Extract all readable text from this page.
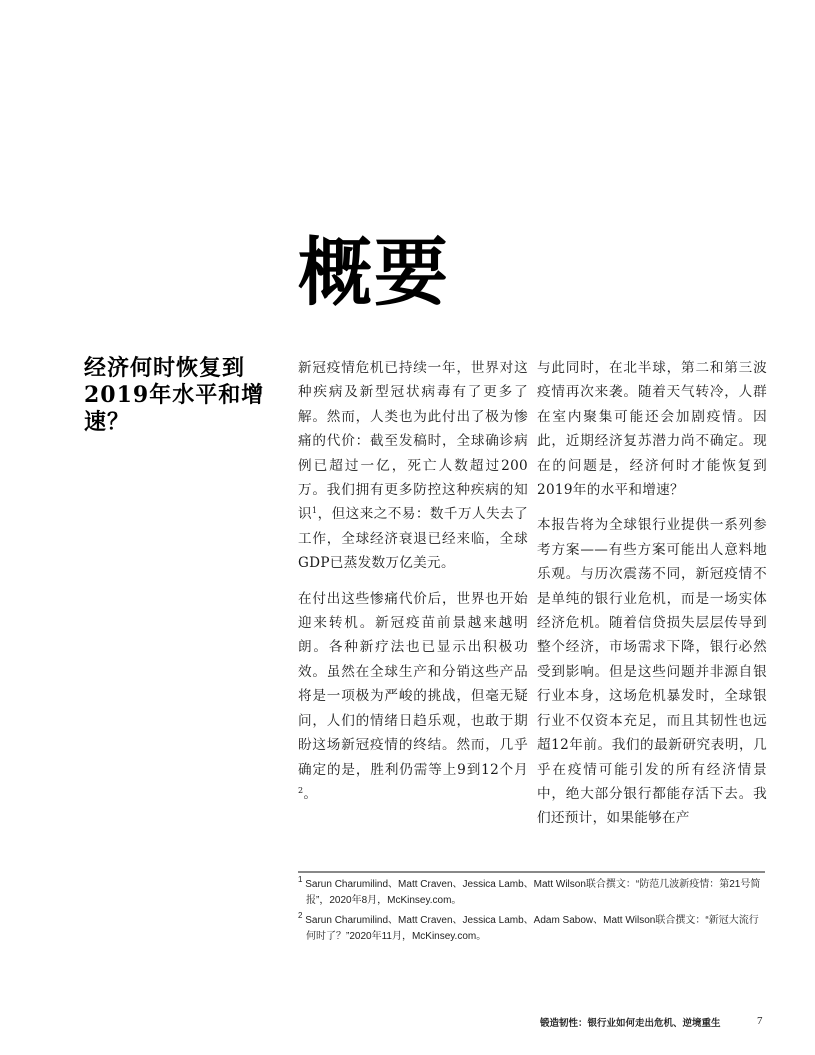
概要
经济何时恢复到2019年水平和增速？

新冠疫情危机已持续一年，世界对这种疾病及新型冠状病毒有了更多了解。然而，人类也为此付出了极为惨痛的代价：截至发稿时，全球确诊病例已超过一亿，死亡人数超过200万。我们拥有更多防控这种疾病的知识$^1$，但这来之不易：数千万人失去了工作，全球经济衰退已经来临，全球GDP已蒸发数万亿美元。

在付出这些惨痛代价后，世界也开始迎来转机。新冠疫苗前景越来越明朗。各种新疗法也已显示出积极功效。虽然在全球生产和分销这些产品将是一项极为严峻的挑战，但毫无疑问，人们的情绪日趋乐观，也敢于期盼这场新冠疫情的终结。然而，几乎确定的是，胜利仍需等上9到12个月$^2$。

与此同时，在北半球，第二和第三波疫情再次来袭。随着天气转冷，人群在室内聚集可能还会加剧疫情。因此，近期经济复苏潜力尚不确定。现在的问题是，经济何时才能恢复到2019年的水平和增速？

本报告将为全球银行业提供一系列参考方案——有些方案可能出人意料地乐观。与历次震荡不同，新冠疫情不是单纯的银行业危机，而是一场实体经济危机。随着信贷损失层层传导到整个经济，市场需求下降，银行必然受到影响。但是这些问题并非源自银行业本身，这场危机暴发时，全球银行业不仅资本充足，而且其韧性也远超12年前。我们的最新研究表明，几乎在疫情可能引发的所有经济情景中，绝大部分银行都能存活下去。我们还预计，如果能够在产

$^1$ Sarun Charumilind、Matt Craven、Jessica Lamb、Matt Wilson联合撰文：“防范几波新疫情：第21号简报”，2020年8月，McKinsey.com。
$^2$ Sarun Charumilind、Matt Craven、Jessica Lamb、Adam Sabow、Matt Wilson联合撰文：“新冠大流行何时了？”2020年11月，McKinsey.com。
锻造韧性：银行业如何走出危机、逆境重生	7
